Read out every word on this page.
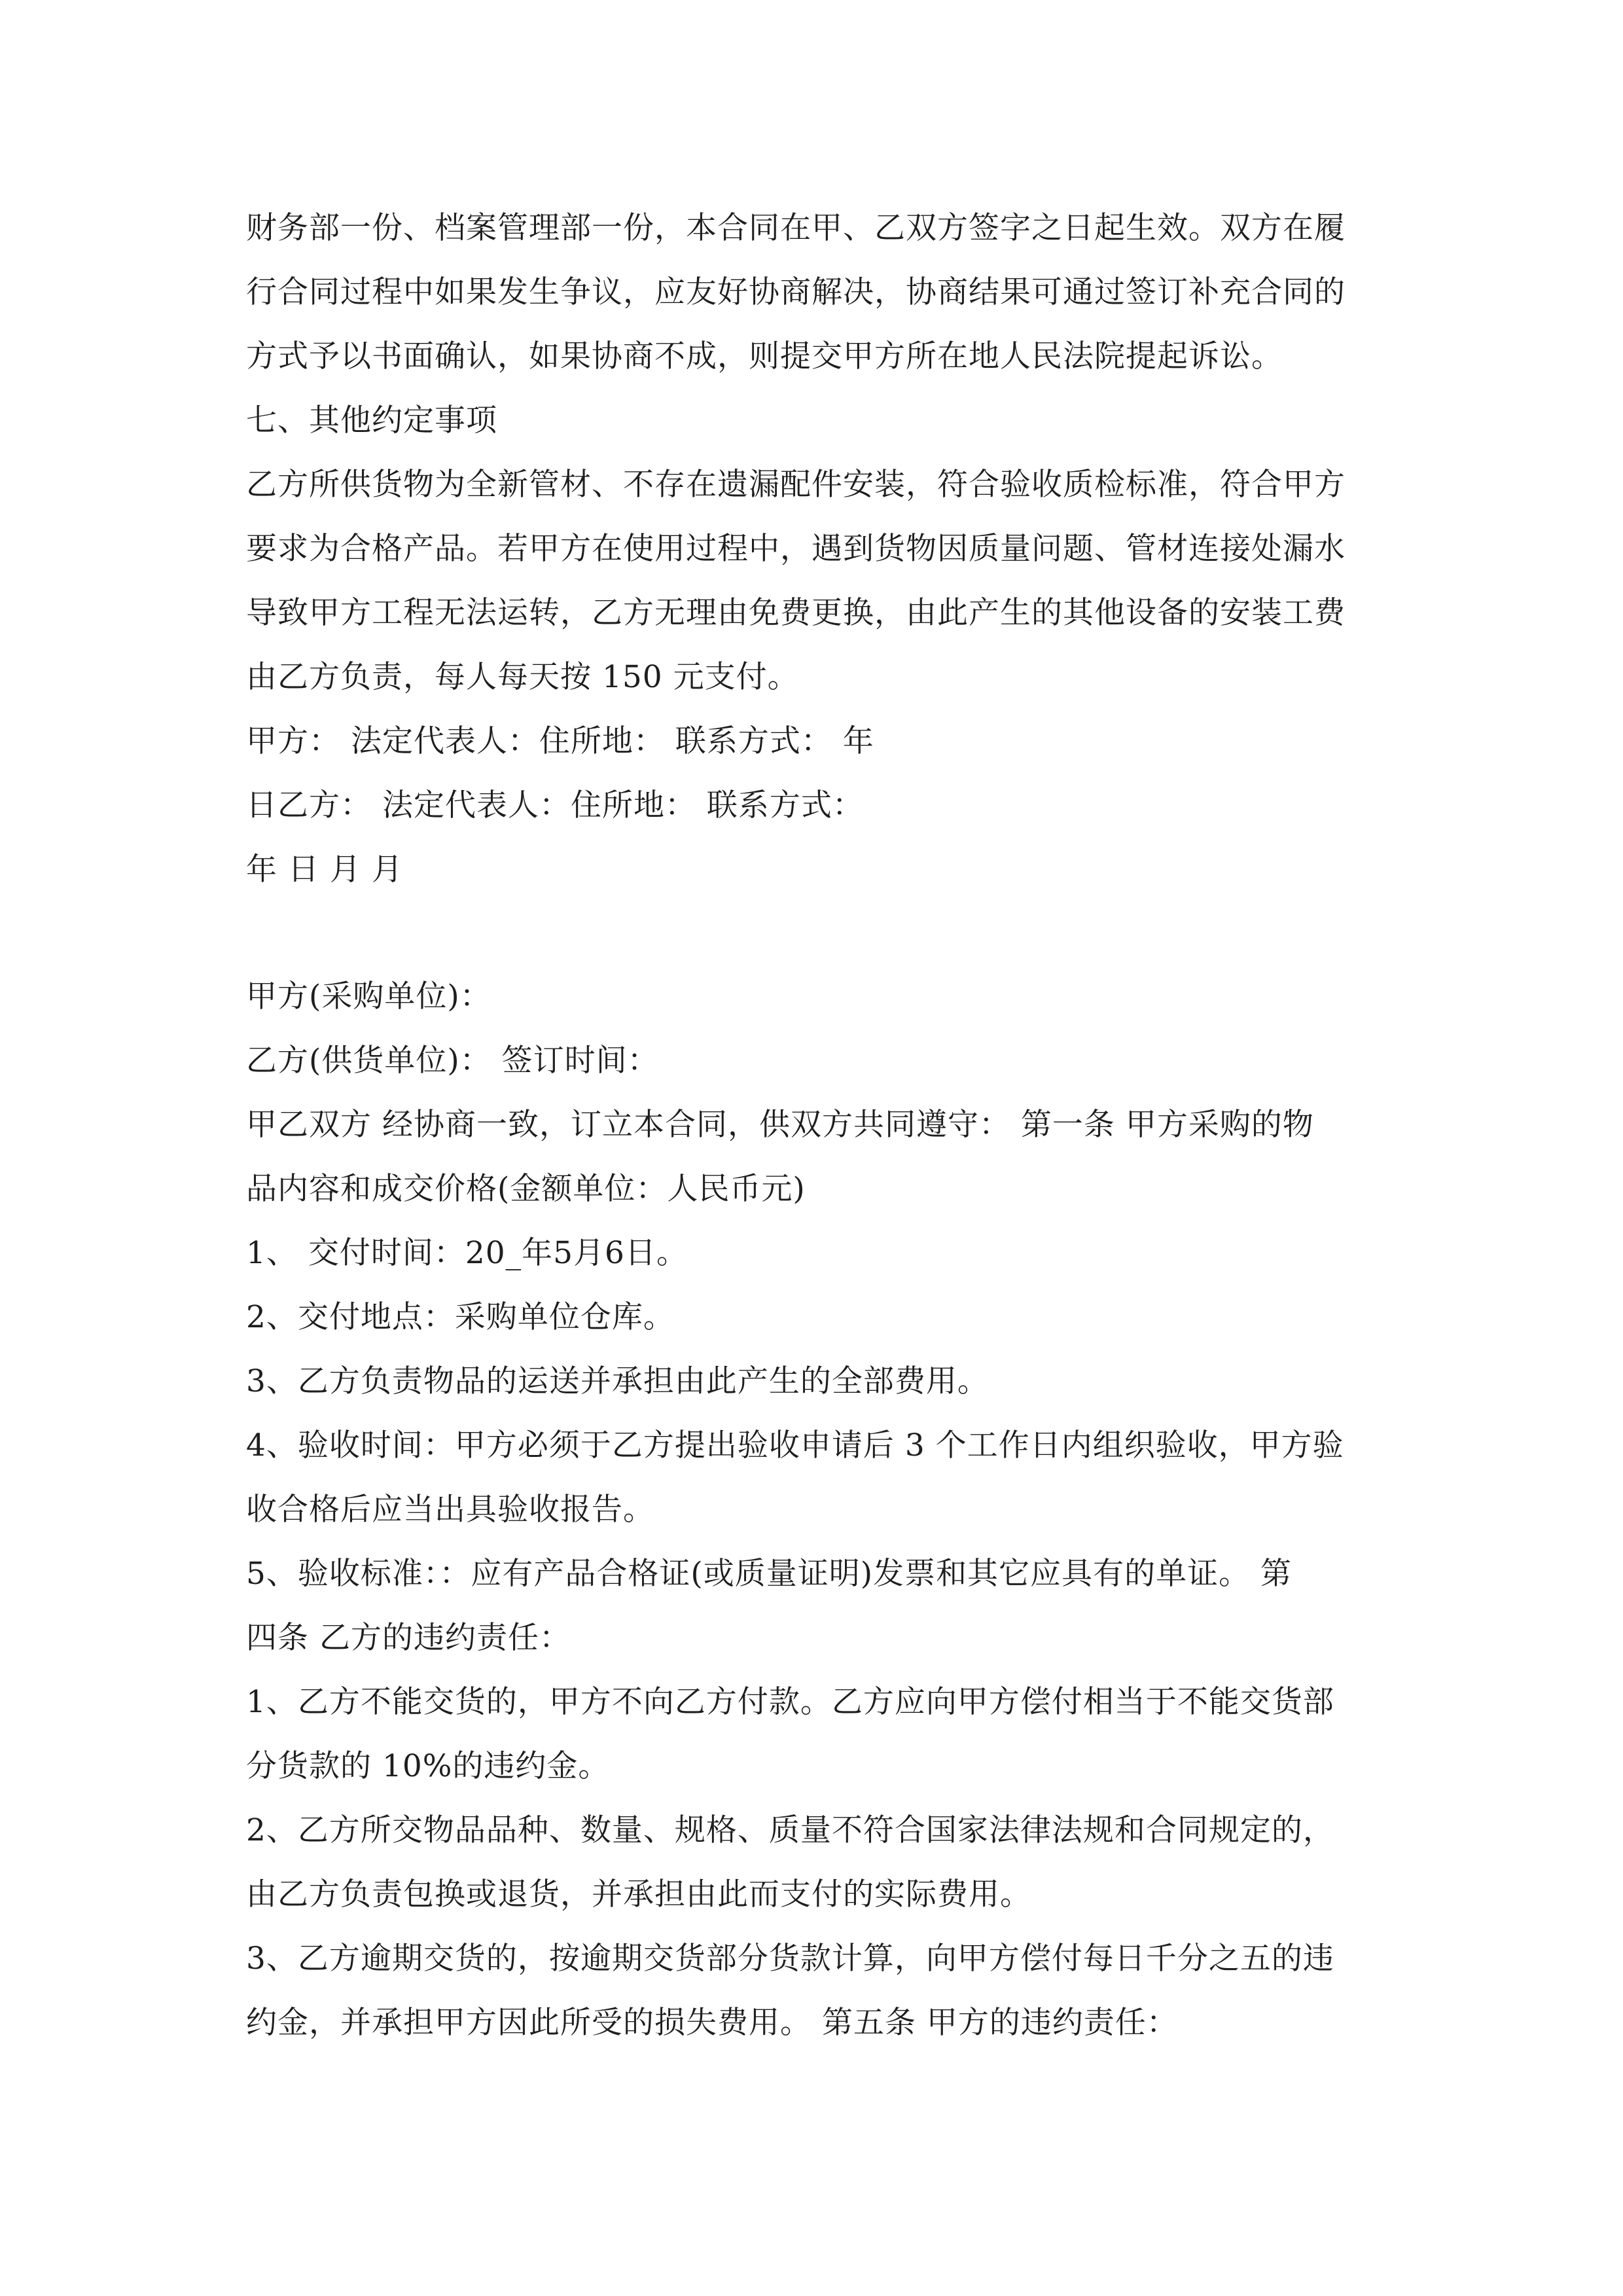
财务部一份、档案管理部一份，本合同在甲、乙双方签字之日起生效。双方在履
行合同过程中如果发生争议，应友好协商解决，协商结果可通过签订补充合同的
方式予以书面确认，如果协商不成，则提交甲方所在地人民法院提起诉讼。
七、其他约定事项
乙方所供货物为全新管材、不存在遗漏配件安装，符合验收质检标准，符合甲方
要求为合格产品。若甲方在使用过程中，遇到货物因质量问题、管材连接处漏水
导致甲方工程无法运转，乙方无理由免费更换，由此产生的其他设备的安装工费
由乙方负责，每人每天按 150 元支付。
甲方： 法定代表人：住所地： 联系方式： 年
日乙方： 法定代表人：住所地： 联系方式：
年 日 月 月
甲方(采购单位)：
乙方(供货单位)： 签订时间：
甲乙双方 经协商一致，订立本合同，供双方共同遵守： 第一条 甲方采购的物
品内容和成交价格(金额单位：人民币元)
1、 交付时间：20_年5月6日。
2、交付地点：采购单位仓库。
3、乙方负责物品的运送并承担由此产生的全部费用。
4、验收时间：甲方必须于乙方提出验收申请后 3 个工作日内组织验收，甲方验
收合格后应当出具验收报告。
5、验收标准：：应有产品合格证(或质量证明)发票和其它应具有的单证。 第
四条 乙方的违约责任：
1、乙方不能交货的，甲方不向乙方付款。乙方应向甲方偿付相当于不能交货部
分货款的 10%的违约金。
2、乙方所交物品品种、数量、规格、质量不符合国家法律法规和合同规定的，
由乙方负责包换或退货，并承担由此而支付的实际费用。
3、乙方逾期交货的，按逾期交货部分货款计算，向甲方偿付每日千分之五的违
约金，并承担甲方因此所受的损失费用。 第五条 甲方的违约责任：
